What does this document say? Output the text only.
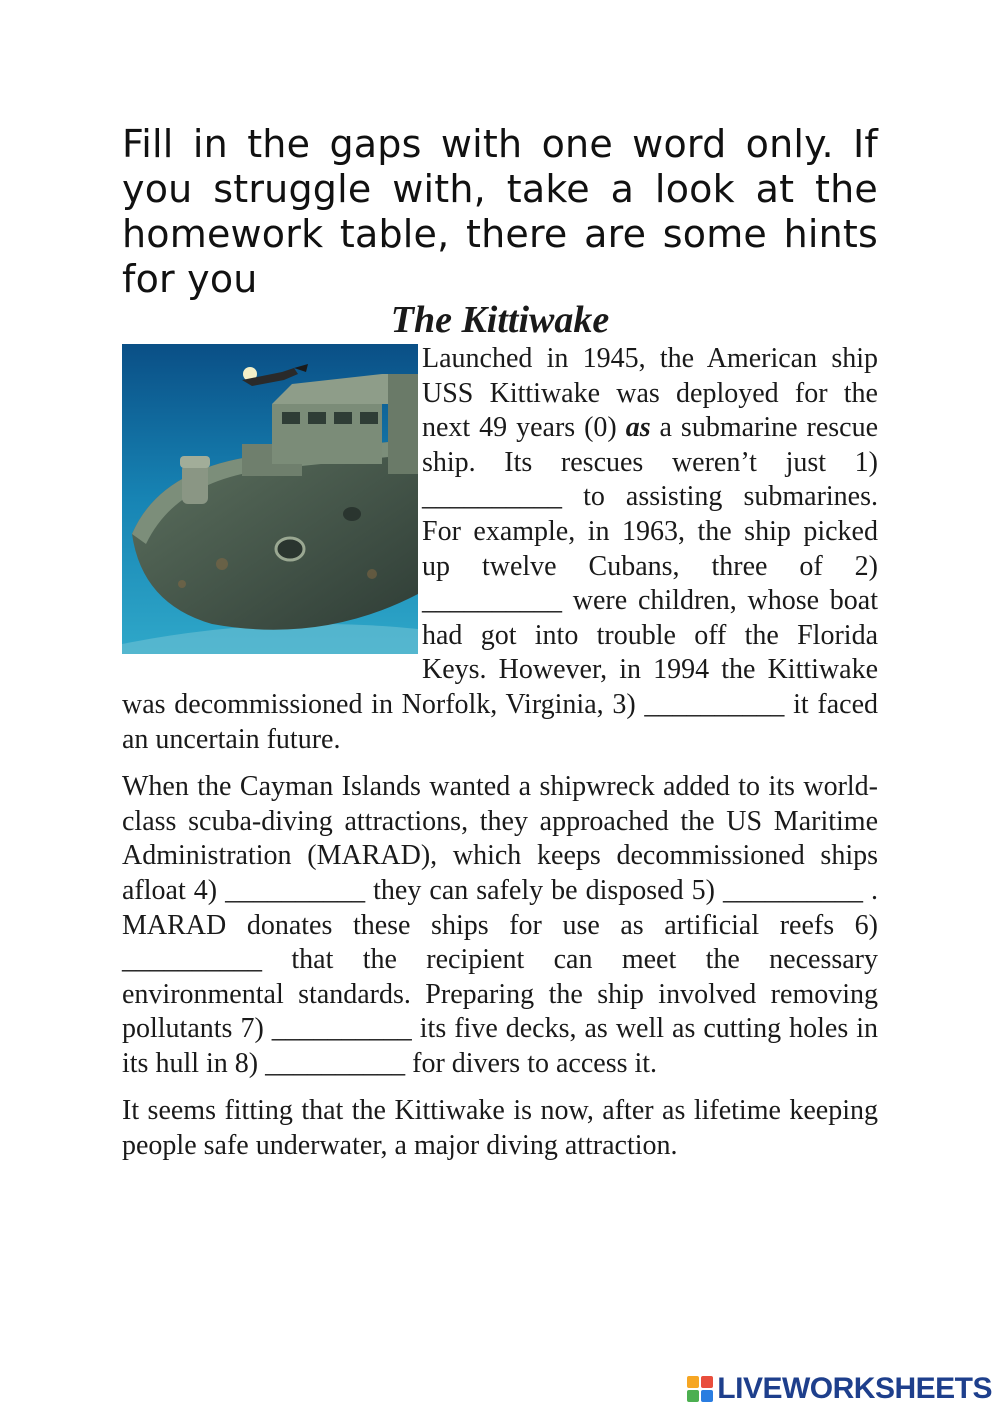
Fill in the gaps with one word only. If you struggle with, take a look at the homework table, there are some hints for you

The Kittiwake

Launched in 1945, the American ship USS Kittiwake was deployed for the next 49 years (0) as a submarine rescue ship. Its rescues weren’t just 1) __________ to assisting submarines. For example, in 1963, the ship picked up twelve Cubans, three of 2) __________ were children, whose boat had got into trouble off the Florida Keys. However, in 1994 the Kittiwake was decommissioned in Norfolk, Virginia, 3) __________ it faced an uncertain future.

When the Cayman Islands wanted a shipwreck added to its world-class scuba-diving attractions, they approached the US Maritime Administration (MARAD), which keeps decommissioned ships afloat 4) __________ they can safely be disposed 5) __________ . MARAD donates these ships for use as artificial reefs 6) __________ that the recipient can meet the necessary environmental standards. Preparing the ship involved removing pollutants 7) __________ its five decks, as well as cutting holes in its hull in 8) __________ for divers to access it.

It seems fitting that the Kittiwake is now, after as lifetime keeping people safe underwater, a major diving attraction.

LIVEWORKSHEETS
